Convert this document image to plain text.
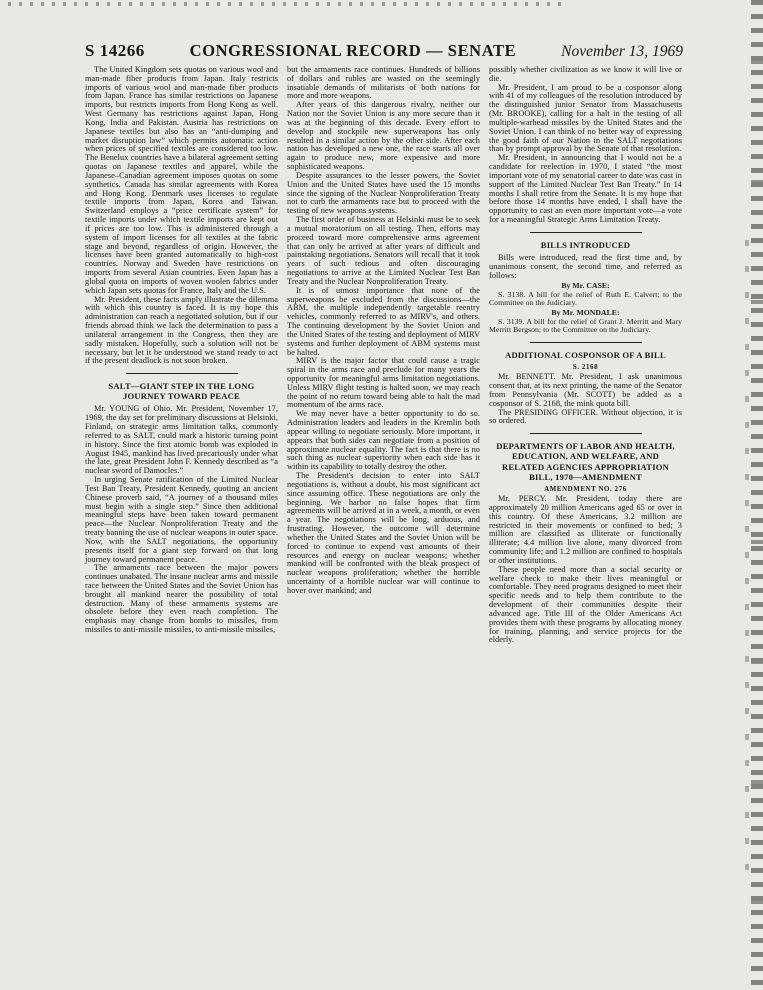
S 14266	CONGRESSIONAL RECORD — SENATE	November 13, 1969
The United Kingdom sets quotas on various wool and man-made fiber products from Japan. Italy restricts imports of various wool and man-made fiber products from Japan. France has similar restrictions on Japanese imports, but restricts imports from Hong Kong as well. West Germany has restrictions against Japan, Hong Kong, India and Pakistan. Austria has restrictions on Japanese textiles but also has an “anti-dumping and market disruption law” which permits automatic action when prices of specified textiles are considered too low. The Benelux countries have a bilateral agreement setting quotas on Japanese textiles and apparel, while the Japanese–Canadian agreement imposes quotas on some synthetics. Canada has similar agreements with Korea and Hong Kong. Denmark uses licenses to regulate textile imports from Japan, Korea and Taiwan. Switzerland employs a “price certificate system” for textile imports under which textile imports are kept out if prices are too low. This is administered through a system of import licenses for all textiles at the fabric stage and beyond, regardless of origin. However, the licenses have been granted automatically to high-cost countries. Norway and Sweden have restrictions on imports from several Asian countries. Even Japan has a global quota on imports of woven woolen fabrics under which Japan sets quotas for France, Italy and the U.S.
Mr. President, these facts amply illustrate the dilemma with which this country is faced. It is my hope this administration can reach a negotiated solution, but if our friends abroad think we lack the determination to pass a unilateral arrangement in the Congress, then they are sadly mistaken. Hopefully, such a solution will not be necessary, but let it be understood we stand ready to act if the present deadlock is not soon broken.
SALT—GIANT STEP IN THE LONG JOURNEY TOWARD PEACE
Mr. YOUNG of Ohio. Mr. President, November 17, 1969, the day set for preliminary discussions at Helsinki, Finland, on strategic arms limitation talks, commonly referred to as SALT, could mark a historic turning point in history. Since the first atomic bomb was exploded in August 1945, mankind has lived precariously under what the late, great President John F. Kennedy described as “a nuclear sword of Damocles.”
In urging Senate ratification of the Limited Nuclear Test Ban Treaty, President Kennedy, quoting an ancient Chinese proverb said, “A journey of a thousand miles must begin with a single step.” Since then additional meaningful steps have been taken toward permanent peace—the Nuclear Nonproliferation Treaty and the treaty banning the use of nuclear weapons in outer space. Now, with the SALT negotiations, the opportunity presents itself for a giant step forward on that long journey toward permanent peace.
The armaments race between the major powers continues unabated. The insane nuclear arms and missile race between the United States and the Soviet Union has brought all mankind nearer the possibility of total destruction. Many of these armaments systems are obsolete before they even reach completion. The emphasis may change from bombs to missiles, from missiles to anti-missile missiles, to anti-missile missiles,
but the armaments race continues. Hundreds of billions of dollars and rubles are wasted on the seemingly insatiable demands of militarists of both nations for more and more weapons.
After years of this dangerous rivalry, neither our Nation nor the Soviet Union is any more secure than it was at the beginning of this decade. Every effort to develop and stockpile new superweapons has only resulted in a similar action by the other side. After each nation has developed a new one, the race starts all over again to produce new, more expensive and more sophisticated weapons.
Despite assurances to the lesser powers, the Soviet Union and the United States have used the 15 months since the signing of the Nuclear Nonproliferation Treaty not to curb the armaments race but to proceed with the testing of new weapons systems.
The first order of business at Helsinki must be to seek a mutual moratorium on all testing. Then, efforts may proceed toward more comprehensive arms agreement that can only be arrived at after years of difficult and painstaking negotiations. Senators will recall that it took years of such tedious and often discouraging negotiations to arrive at the Limited Nuclear Test Ban Treaty and the Nuclear Nonproliferation Treaty.
It is of utmost importance that none of the superweapons be excluded from the discussions—the ABM, the multiple independently targetable reentry vehicles, commonly referred to as MIRV's, and others. The continuing development by the Soviet Union and the United States of the testing and deployment of MIRV systems and further deployment of ABM systems must be halted.
MIRV is the major factor that could cause a tragic spiral in the arms race and preclude for many years the opportunity for meaningful arms limitation negotiations. Unless MIRV flight testing is halted soon, we may reach the point of no return toward being able to halt the mad momentum of the arms race.
We may never have a better opportunity to do so. Administration leaders and leaders in the Kremlin both appear willing to negotiate seriously. More important, it appears that both sides can negotiate from a position of approximate nuclear equality. The fact is that there is no such thing as nuclear superiority when each side has it within its capability to totally destroy the other.
The President's decision to enter into SALT negotiations is, without a doubt, his most significant act since assuming office. These negotiations are only the beginning. We harbor no false hopes that firm agreements will be arrived at in a week, a month, or even a year. The negotiations will be long, arduous, and frustrating. However, the outcome will determine whether the United States and the Soviet Union will be forced to continue to expend vast amounts of their resources and energy on nuclear weapons; whether mankind will be confronted with the bleak prospect of nuclear weapons proliferation; whether the horrible uncertainty of a horrible nuclear war will continue to hover over mankind; and
possibly whether civilization as we know it will live or die.
Mr. President, I am proud to be a cosponsor along with 41 of my colleagues of the resolution introduced by the distinguished junior Senator from Massachusetts (Mr. BROOKE), calling for a halt in the testing of all multiple-warhead missiles by the United States and the Soviet Union. I can think of no better way of expressing the good faith of our Nation in the SALT negotiations than by prompt approval by the Senate of that resolution.
Mr. President, in announcing that I would not be a candidate for reelection in 1970, I stated “the most important vote of my senatorial career to date was cast in support of the Limited Nuclear Test Ban Treaty.” In 14 months I shall retire from the Senate. It is my hope that before those 14 months have ended, I shall have the opportunity to cast an even more important vote—a vote for a meaningful Strategic Arms Limitation Treaty.
BILLS INTRODUCED
Bills were introduced, read the first time and, by unanimous consent, the second time, and referred as follows:
By Mr. CASE:
S. 3138. A bill for the relief of Ruth E. Calvert; to the Committee on the Judiciary.
By Mr. MONDALE:
S. 3139. A bill for the relief of Grant J. Merritt and Mary Merritt Bergson; to the Committee on the Judiciary.
ADDITIONAL COSPONSOR OF A BILL
S. 2168
Mr. BENNETT. Mr. President, I ask unanimous consent that, at its next printing, the name of the Senator from Pennsylvania (Mr. SCOTT) be added as a cosponsor of S. 2168, the mink quota bill.
The PRESIDING OFFICER. Without objection, it is so ordered.
DEPARTMENTS OF LABOR AND HEALTH, EDUCATION, AND WELFARE, AND RELATED AGENCIES APPROPRIATION BILL, 1970—AMENDMENT
AMENDMENT NO. 276
Mr. PERCY. Mr. President, today there are approximately 20 million Americans aged 65 or over in this country. Of these Americans, 3.2 million are restricted in their movements or confined to bed; 3 million are classified as illiterate or functionally illiterate; 4.4 million live alone, many divorced from community life; and 1.2 million are confined to hospitals or other institutions.
These people need more than a social security or welfare check to make their lives meaningful or comfortable. They need programs designed to meet their specific needs and to help them contribute to the development of their communities despite their advanced age. Title III of the Older Americans Act provides them with these programs by allocating money for training, planning, and service projects for the elderly.
